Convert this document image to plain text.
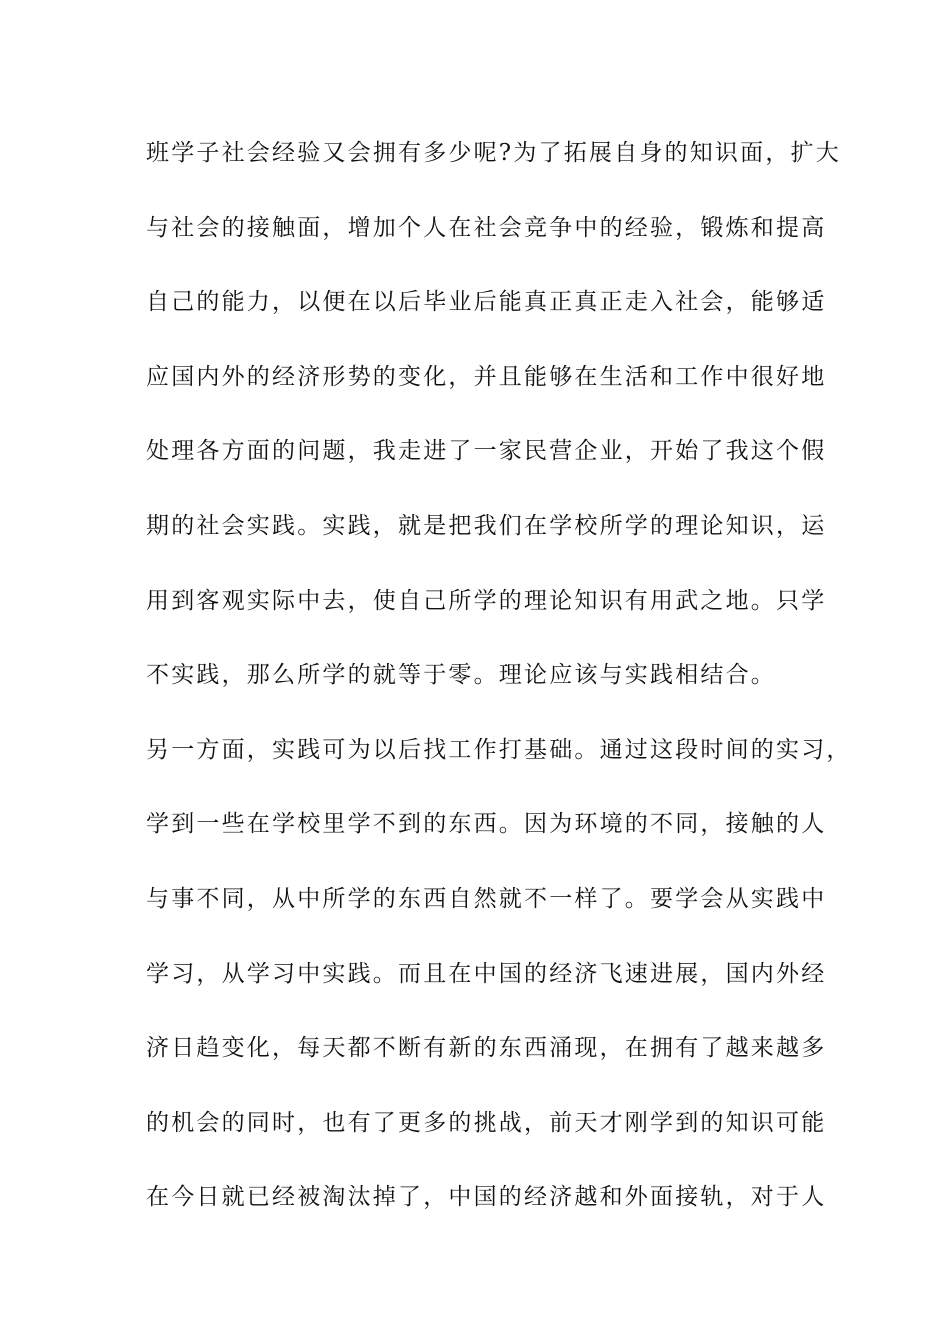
班学子社会经验又会拥有多少呢?为了拓展自身的知识面，扩大
与社会的接触面，增加个人在社会竞争中的经验，锻炼和提高
自己的能力，以便在以后毕业后能真正真正走入社会，能够适
应国内外的经济形势的变化，并且能够在生活和工作中很好地
处理各方面的问题，我走进了一家民营企业，开始了我这个假
期的社会实践。实践，就是把我们在学校所学的理论知识，运
用到客观实际中去，使自己所学的理论知识有用武之地。只学
不实践，那么所学的就等于零。理论应该与实践相结合。
另一方面，实践可为以后找工作打基础。通过这段时间的实习，
学到一些在学校里学不到的东西。因为环境的不同，接触的人
与事不同，从中所学的东西自然就不一样了。要学会从实践中
学习，从学习中实践。而且在中国的经济飞速进展，国内外经
济日趋变化，每天都不断有新的东西涌现，在拥有了越来越多
的机会的同时，也有了更多的挑战，前天才刚学到的知识可能
在今日就已经被淘汰掉了，中国的经济越和外面接轨，对于人
